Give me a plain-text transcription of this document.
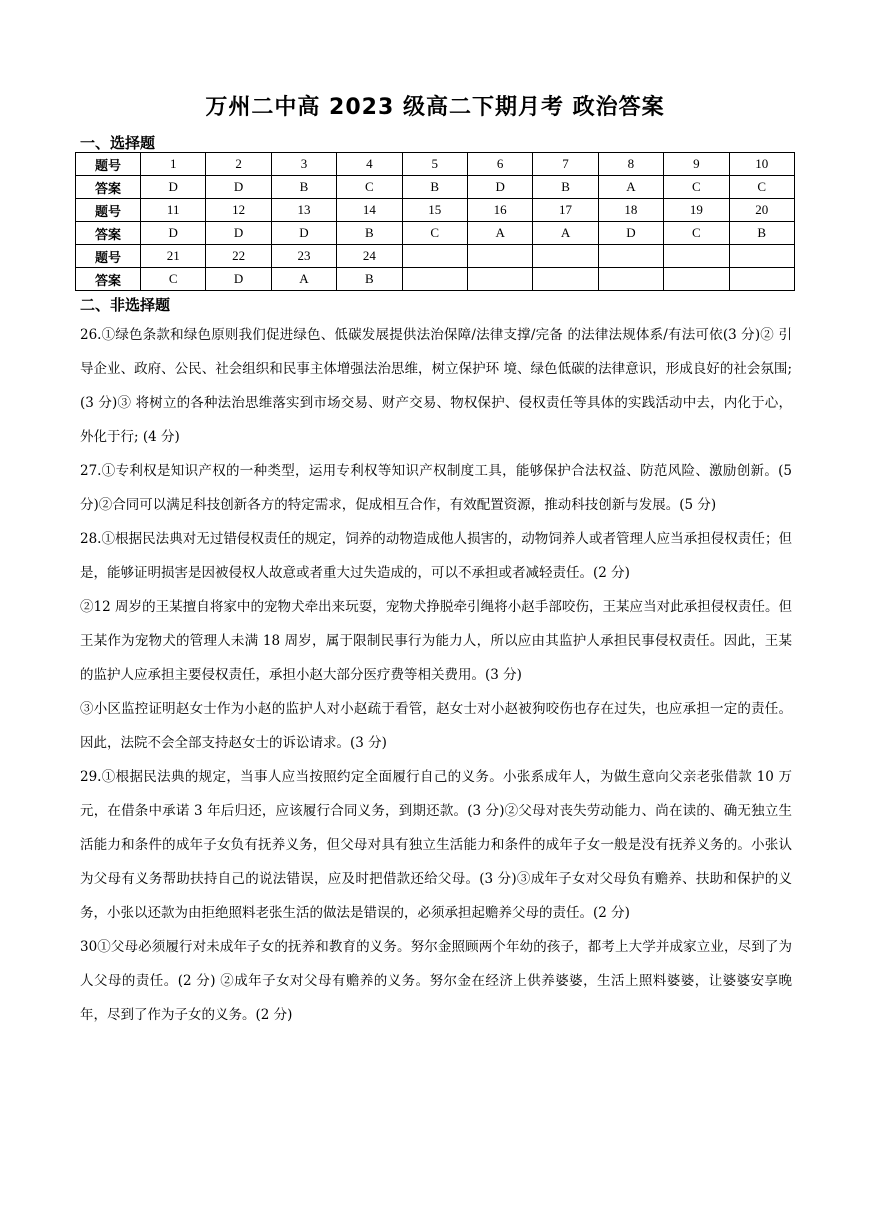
万州二中高 2023 级高二下期月考 政治答案
一、选择题
题号	1	2	3	4	5	6	7	8	9	10
答案	D	D	B	C	B	D	B	A	C	C
题号	11	12	13	14	15	16	17	18	19	20
答案	D	D	D	B	C	A	A	D	C	B
题号	21	22	23	24						
答案	C	D	A	B						
二、非选择题

26.①绿色条款和绿色原则我们促进绿色、低碳发展提供法治保障/法律支撑/完备 的法律法规体系/有法可依(3 分)② 引导企业、政府、公民、社会组织和民事主体增强法治思维，树立保护环 境、绿色低碳的法律意识，形成良好的社会氛围; (3 分)③ 将树立的各种法治思维落实到市场交易、财产交易、物权保护、侵权责任等具体的实践活动中去，内化于心，外化于行; (4 分)

27.①专利权是知识产权的一种类型，运用专利权等知识产权制度工具，能够保护合法权益、防范风险、激励创新。(5 分)②合同可以满足科技创新各方的特定需求，促成相互合作，有效配置资源，推动科技创新与发展。(5 分)

28.①根据民法典对无过错侵权责任的规定，饲养的动物造成他人损害的，动物饲养人或者管理人应当承担侵权责任；但是，能够证明损害是因被侵权人故意或者重大过失造成的，可以不承担或者减轻责任。(2 分)

②12 周岁的王某擅自将家中的宠物犬牵出来玩耍，宠物犬挣脱牵引绳将小赵手部咬伤，王某应当对此承担侵权责任。但王某作为宠物犬的管理人未满 18 周岁，属于限制民事行为能力人，所以应由其监护人承担民事侵权责任。因此，王某的监护人应承担主要侵权责任，承担小赵大部分医疗费等相关费用。(3 分)

③小区监控证明赵女士作为小赵的监护人对小赵疏于看管，赵女士对小赵被狗咬伤也存在过失，也应承担一定的责任。因此，法院不会全部支持赵女士的诉讼请求。(3 分)

29.①根据民法典的规定，当事人应当按照约定全面履行自己的义务。小张系成年人，为做生意向父亲老张借款 10 万元，在借条中承诺 3 年后归还，应该履行合同义务，到期还款。(3 分)②父母对丧失劳动能力、尚在读的、确无独立生活能力和条件的成年子女负有抚养义务，但父母对具有独立生活能力和条件的成年子女一般是没有抚养义务的。小张认为父母有义务帮助扶持自己的说法错误，应及时把借款还给父母。(3 分)③成年子女对父母负有赡养、扶助和保护的义务，小张以还款为由拒绝照料老张生活的做法是错误的，必须承担起赡养父母的责任。(2 分)

30①父母必须履行对未成年子女的抚养和教育的义务。努尔金照顾两个年幼的孩子，都考上大学并成家立业，尽到了为人父母的责任。(2 分) ②成年子女对父母有赡养的义务。努尔金在经济上供养婆婆，生活上照料婆婆，让婆婆安享晚年，尽到了作为子女的义务。(2 分)
